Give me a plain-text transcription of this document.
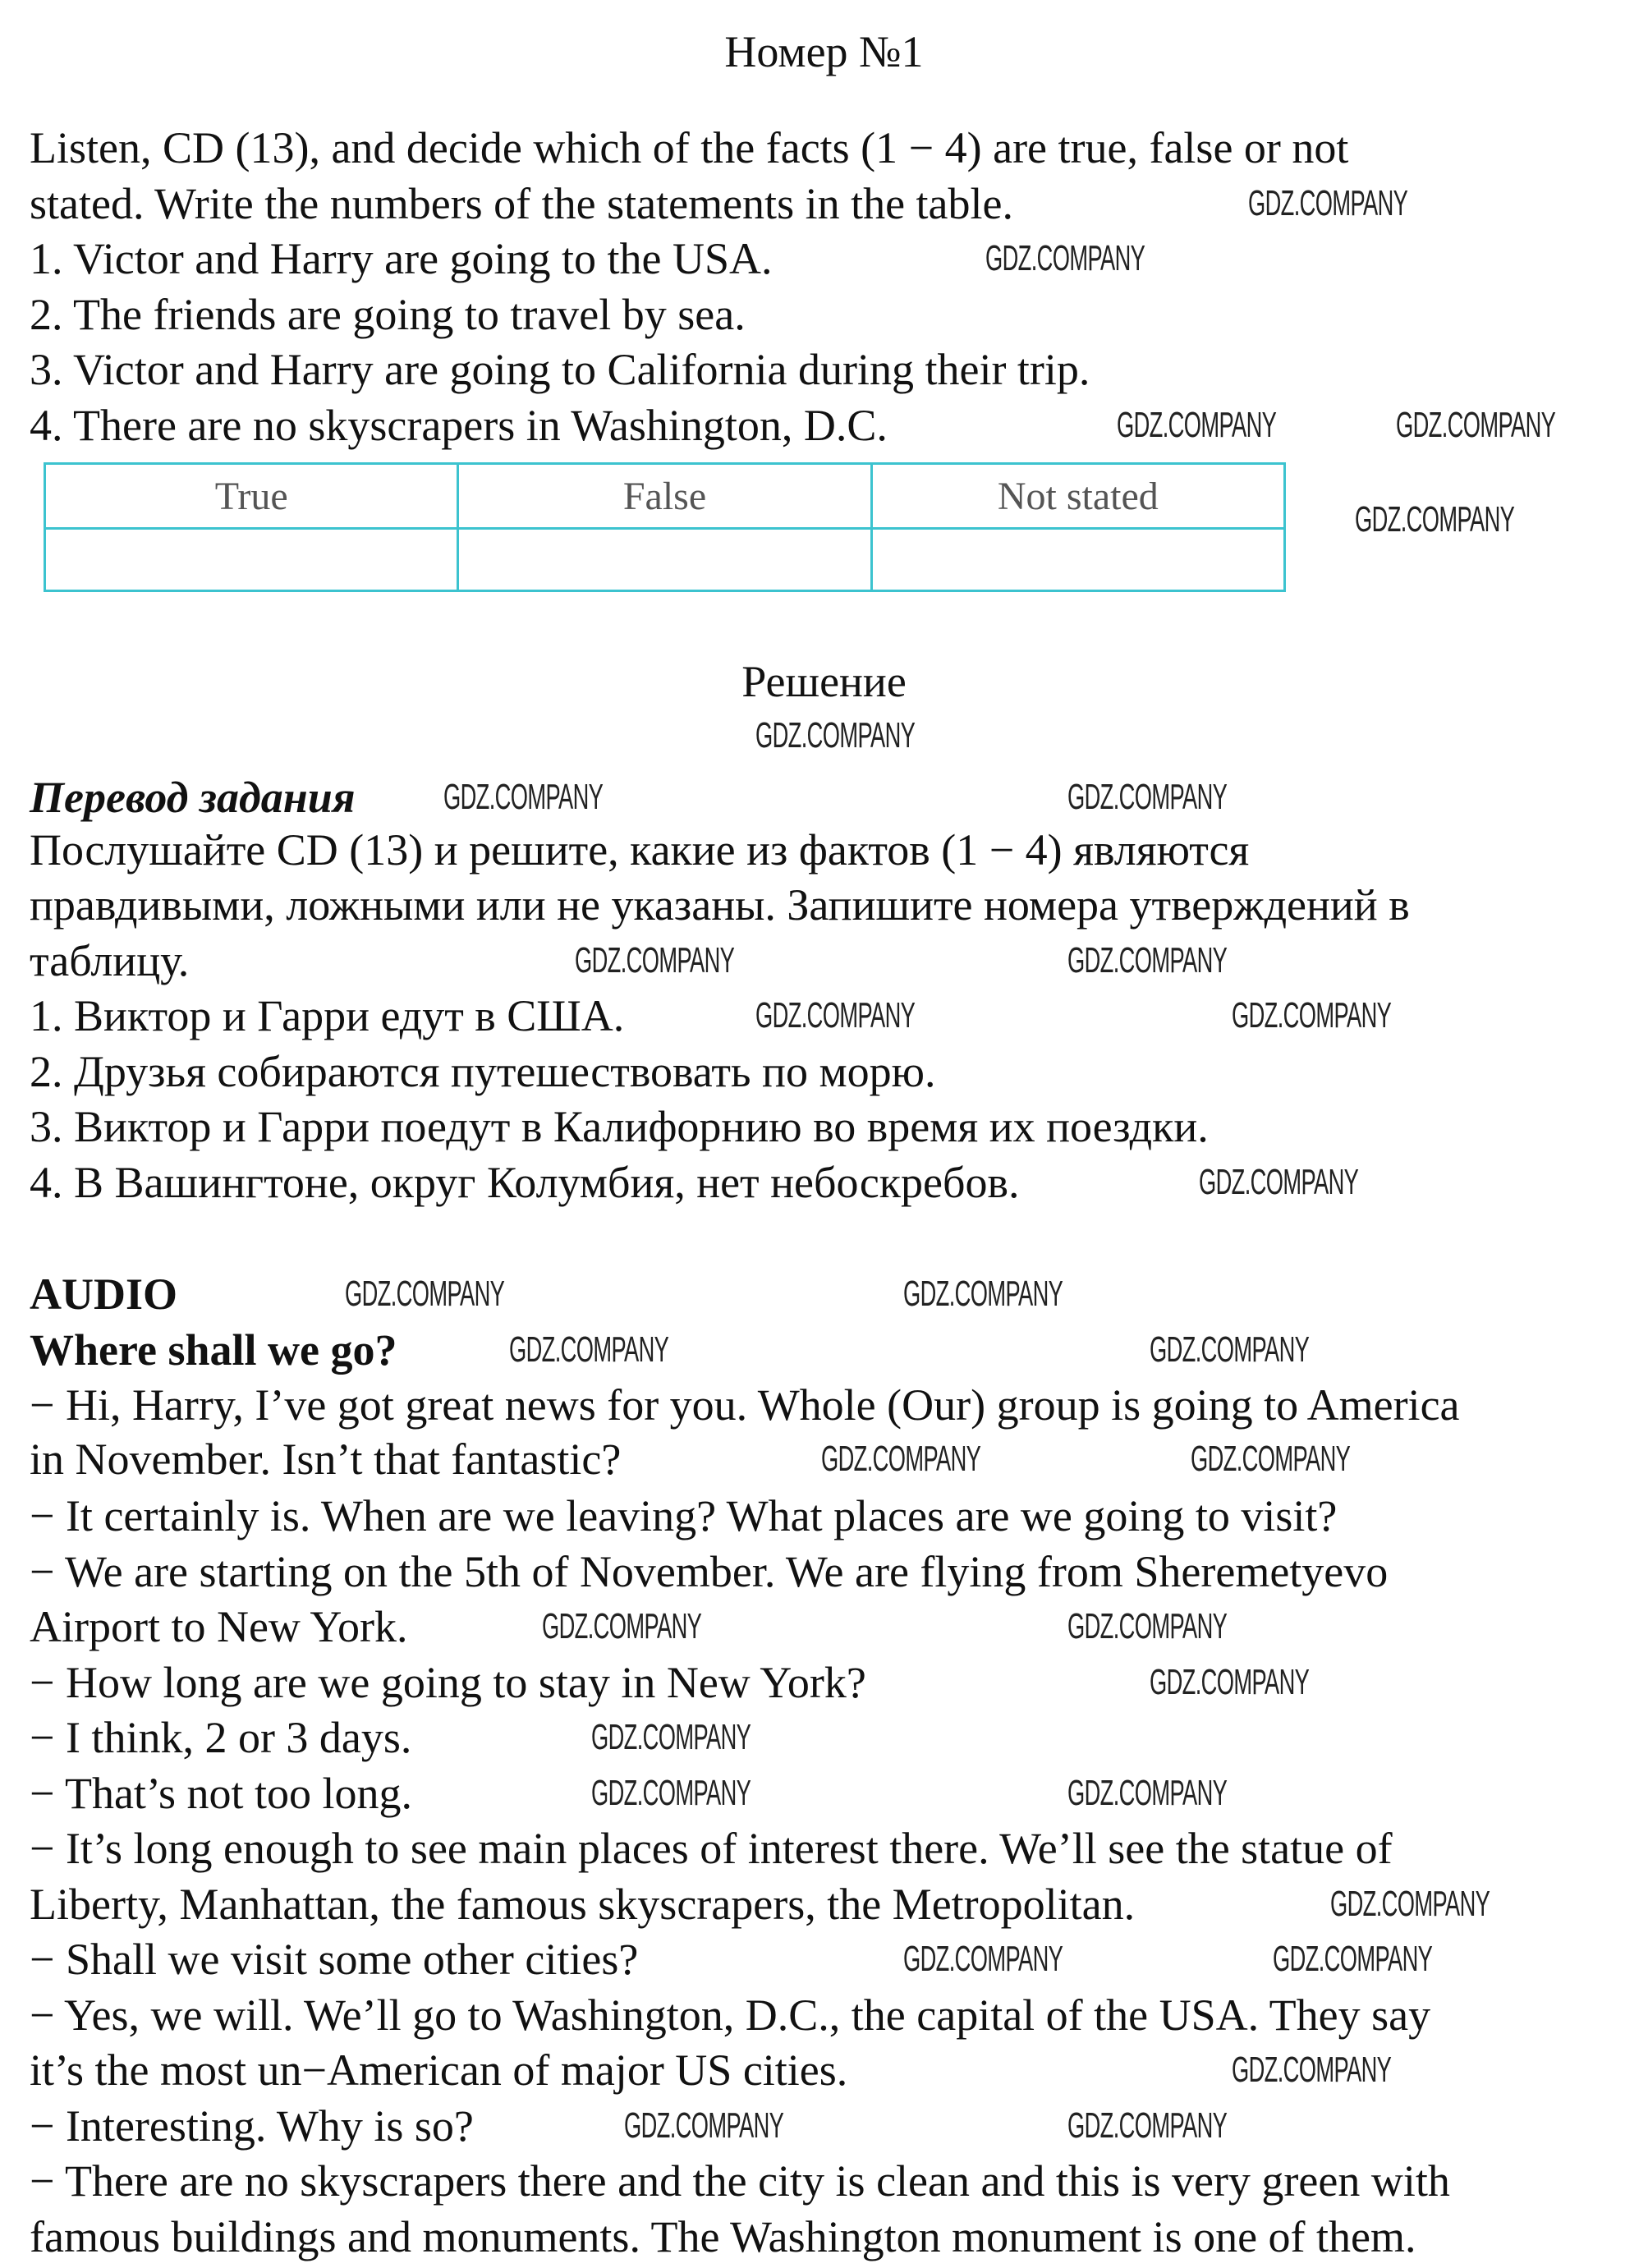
Номер №1
True	False	Not stated

Решение
Listen, CD (13), and decide which of the facts (1 − 4) are true, false or not
stated. Write the numbers of the statements in the table.
1. Victor and Harry are going to the USA.
2. The friends are going to travel by sea.
3. Victor and Harry are going to California during their trip.
4. There are no skyscrapers in Washington, D.C.
Перевод задания
Послушайте CD (13) и решите, какие из фактов (1 − 4) являются
правдивыми, ложными или не указаны. Запишите номера утверждений в
таблицу.
1. Виктор и Гарри едут в США.
2. Друзья собираются путешествовать по морю.
3. Виктор и Гарри поедут в Калифорнию во время их поездки.
4. В Вашингтоне, округ Колумбия, нет небоскребов.
AUDIO
Where shall we go?
− Hi, Harry, I’ve got great news for you. Whole (Our) group is going to America
in November. Isn’t that fantastic?
− It certainly is. When are we leaving? What places are we going to visit?
− We are starting on the 5th of November. We are flying from Sheremetyevo
Airport to New York.
− How long are we going to stay in New York?
− I think, 2 or 3 days.
− That’s not too long.
− It’s long enough to see main places of interest there. We’ll see the statue of
Liberty, Manhattan, the famous skyscrapers, the Metropolitan.
− Shall we visit some other cities?
− Yes, we will. We’ll go to Washington, D.C., the capital of the USA. They say
it’s the most un−American of major US cities.
− Interesting. Why is so?
− There are no skyscrapers there and the city is clean and this is very green with
famous buildings and monuments. The Washington monument is one of them.
GDZ.COMPANY
GDZ.COMPANY
GDZ.COMPANY	GDZ.COMPANY
GDZ.COMPANY
GDZ.COMPANY	GDZ.COMPANY
GDZ.COMPANY	GDZ.COMPANY
GDZ.COMPANY	GDZ.COMPANY
GDZ.COMPANY
GDZ.COMPANY	GDZ.COMPANY
GDZ.COMPANY	GDZ.COMPANY
GDZ.COMPANY	GDZ.COMPANY
GDZ.COMPANY	GDZ.COMPANY
GDZ.COMPANY
GDZ.COMPANY
GDZ.COMPANY	GDZ.COMPANY
GDZ.COMPANY
GDZ.COMPANY	GDZ.COMPANY
GDZ.COMPANY
GDZ.COMPANY	GDZ.COMPANY
GDZ.COMPANY
